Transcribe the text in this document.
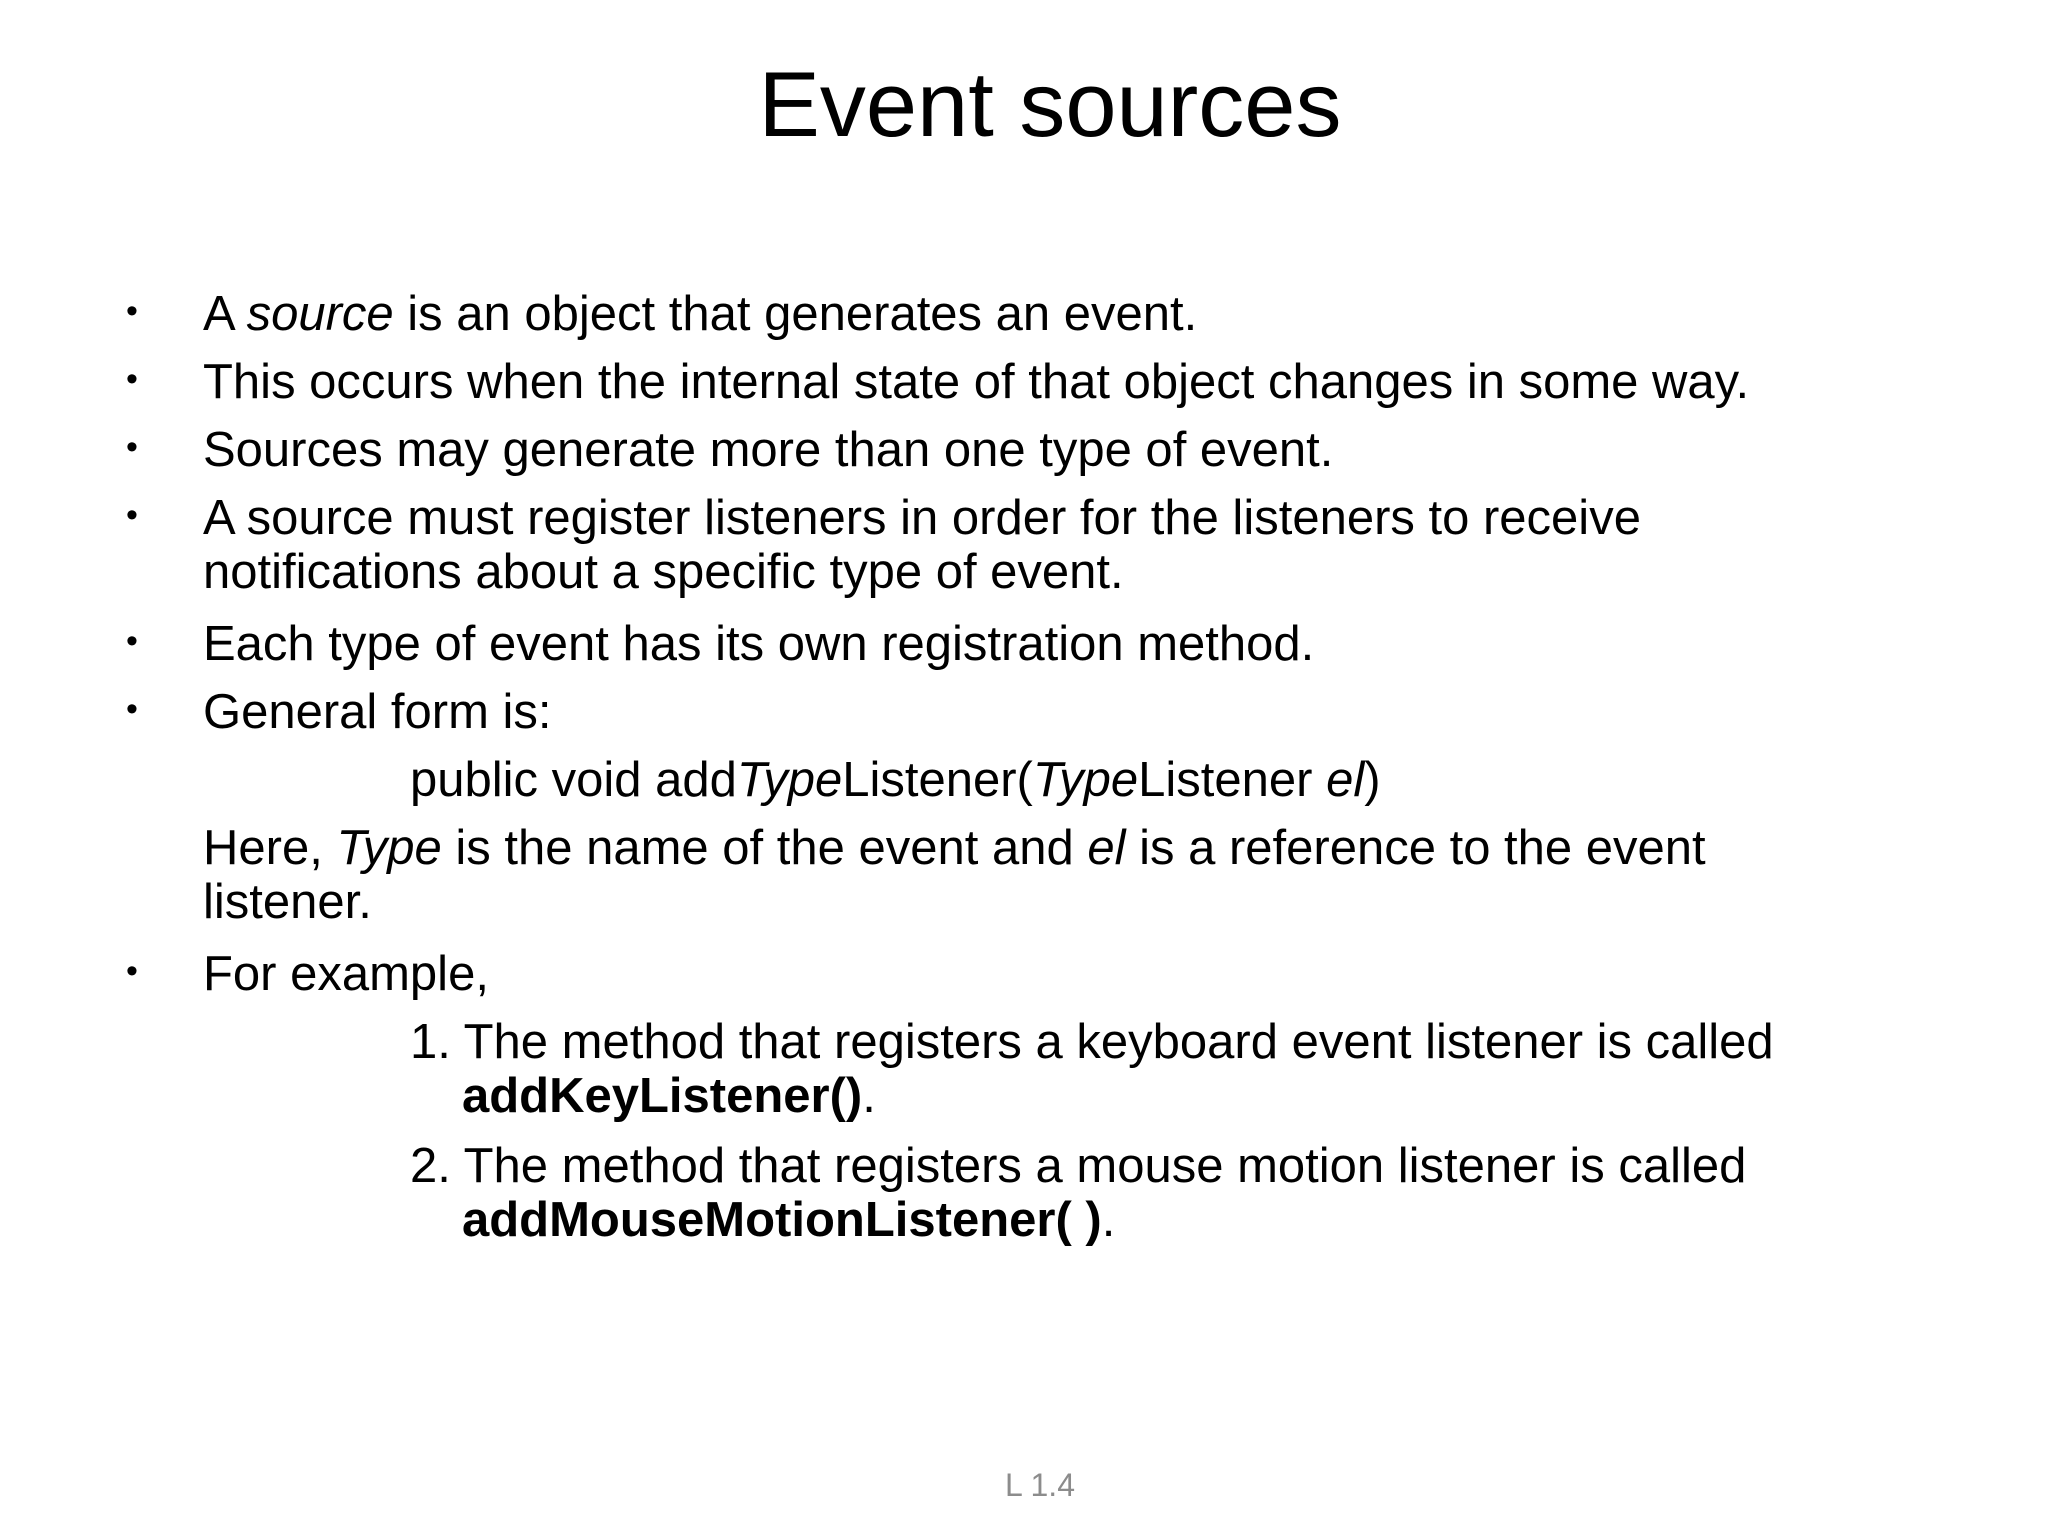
Event sources
• A source is an object that generates an event.
• This occurs when the internal state of that object changes in some way.
• Sources may generate more than one type of event.
• A source must register listeners in order for the listeners to receive
notifications about a specific type of event.
• Each type of event has its own registration method.
• General form is:
public void addTypeListener(TypeListener el)
Here, Type is the name of the event and el is a reference to the event
listener.
• For example,
1. The method that registers a keyboard event listener is called
addKeyListener().
2. The method that registers a mouse motion listener is called
addMouseMotionListener( ).
L 1.4
